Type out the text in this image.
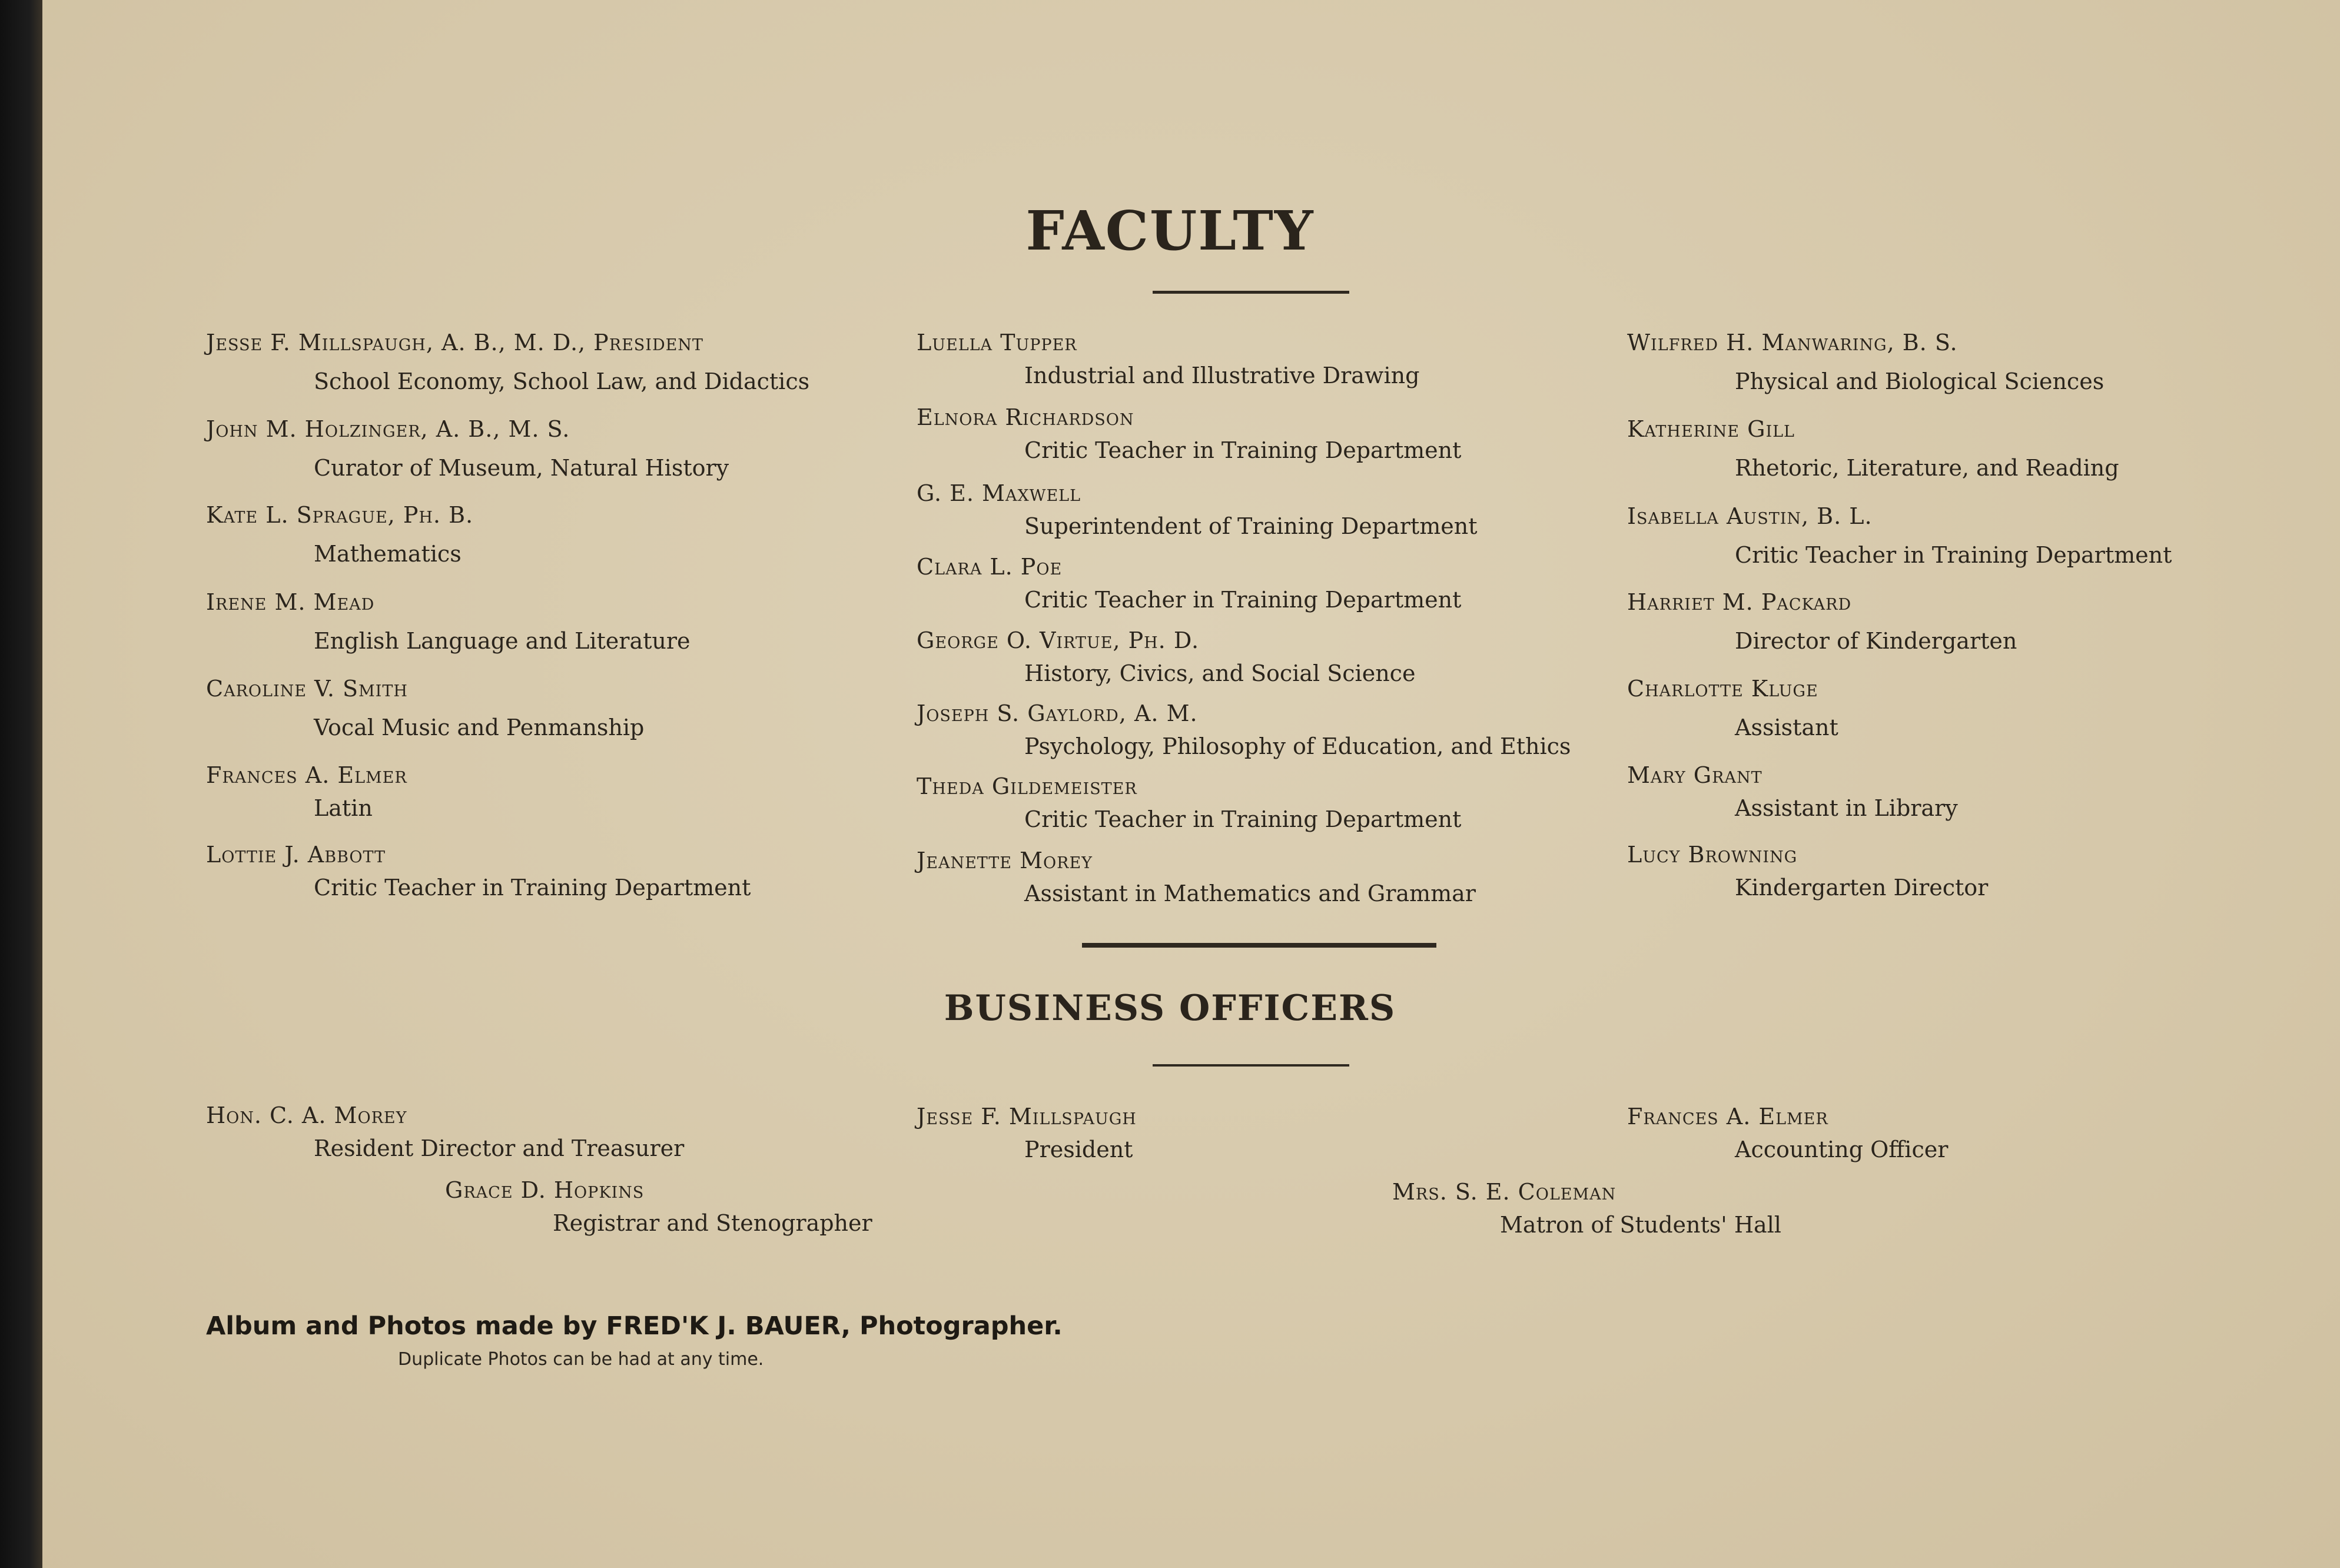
FACULTY
Jesse F. Millspaugh, A. B., M. D., President
School Economy, School Law, and Didactics
John M. Holzinger, A. B., M. S.
Curator of Museum, Natural History
Kate L. Sprague, Ph. B.
Mathematics
Irene M. Mead
English Language and Literature
Caroline V. Smith
Vocal Music and Penmanship
Frances A. Elmer
Latin
Lottie J. Abbott
Critic Teacher in Training Department
Luella Tupper
Industrial and Illustrative Drawing
Elnora Richardson
Critic Teacher in Training Department
G. E. Maxwell
Superintendent of Training Department
Clara L. Poe
Critic Teacher in Training Department
George O. Virtue, Ph. D.
History, Civics, and Social Science
Joseph S. Gaylord, A. M.
Psychology, Philosophy of Education, and Ethics
Theda Gildemeister
Critic Teacher in Training Department
Jeanette Morey
Assistant in Mathematics and Grammar
Wilfred H. Manwaring, B. S.
Physical and Biological Sciences
Katherine Gill
Rhetoric, Literature, and Reading
Isabella Austin, B. L.
Critic Teacher in Training Department
Harriet M. Packard
Director of Kindergarten
Charlotte Kluge
Assistant
Mary Grant
Assistant in Library
Lucy Browning
Kindergarten Director
BUSINESS OFFICERS
Hon. C. A. Morey
Resident Director and Treasurer
Jesse F. Millspaugh
President
Frances A. Elmer
Accounting Officer
Grace D. Hopkins
Registrar and Stenographer
Mrs. S. E. Coleman
Matron of Students' Hall
Album and Photos made by FRED'K J. BAUER, Photographer.
Duplicate Photos can be had at any time.
